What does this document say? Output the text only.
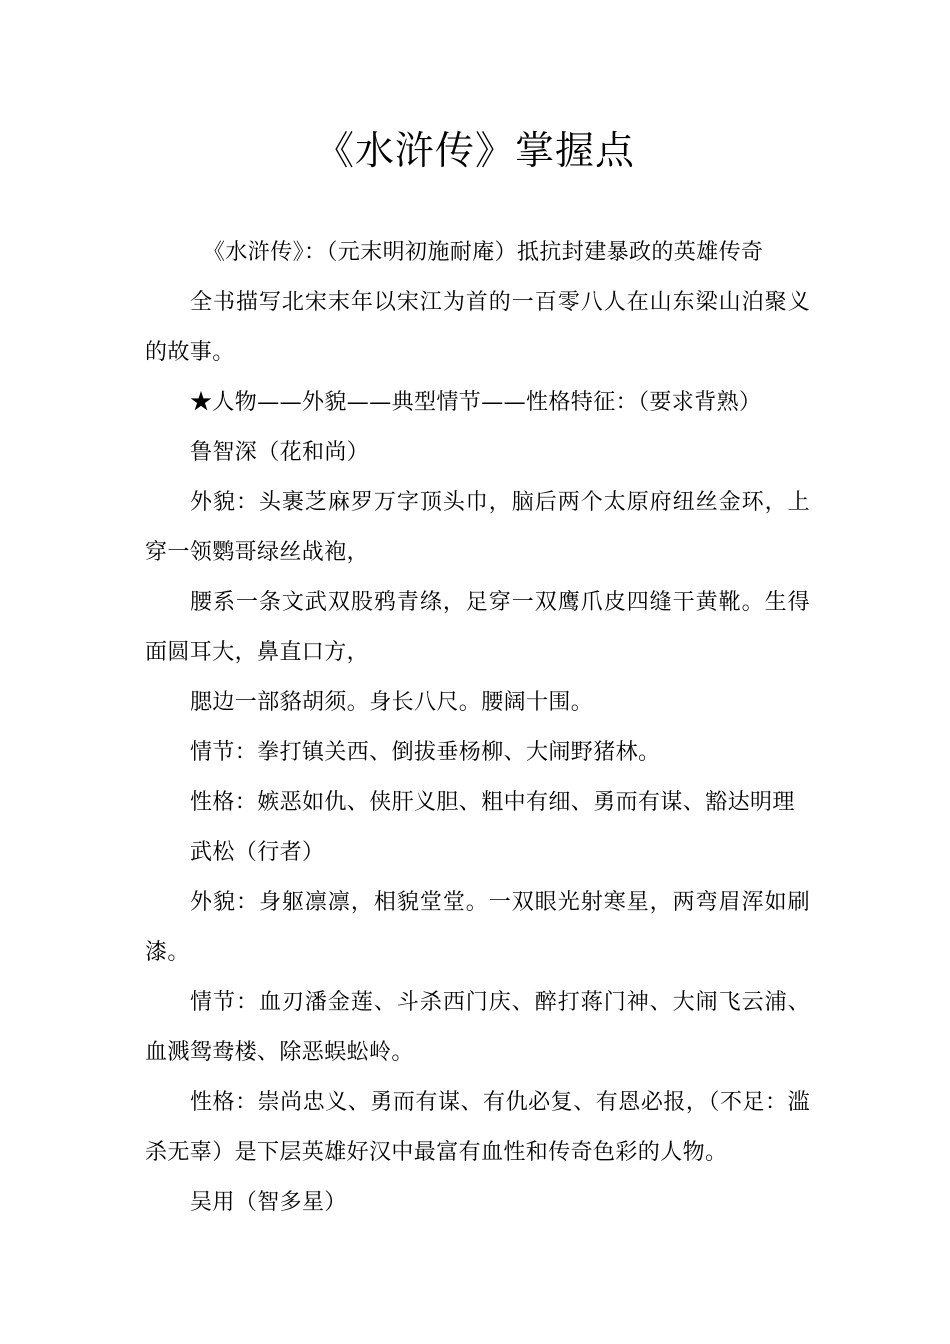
《水浒传》掌握点

《水浒传》：（元末明初施耐庵）抵抗封建暴政的英雄传奇

全书描写北宋末年以宋江为首的一百零八人在山东梁山泊聚义的故事。

★人物——外貌——典型情节——性格特征：（要求背熟）

鲁智深（花和尚）

外貌：头裹芝麻罗万字顶头巾，脑后两个太原府纽丝金环，上穿一领鹦哥绿丝战袍，

腰系一条文武双股鸦青绦，足穿一双鹰爪皮四缝干黄靴。生得面圆耳大，鼻直口方，

腮边一部貉胡须。身长八尺。腰阔十围。

情节：拳打镇关西、倒拔垂杨柳、大闹野猪林。

性格：嫉恶如仇、侠肝义胆、粗中有细、勇而有谋、豁达明理

武松（行者）

外貌：身躯凛凛，相貌堂堂。一双眼光射寒星，两弯眉浑如刷漆。

情节：血刃潘金莲、斗杀西门庆、醉打蒋门神、大闹飞云浦、血溅鸳鸯楼、除恶蜈蚣岭。

性格：崇尚忠义、勇而有谋、有仇必复、有恩必报，（不足：滥杀无辜）是下层英雄好汉中最富有血性和传奇色彩的人物。

吴用（智多星）
